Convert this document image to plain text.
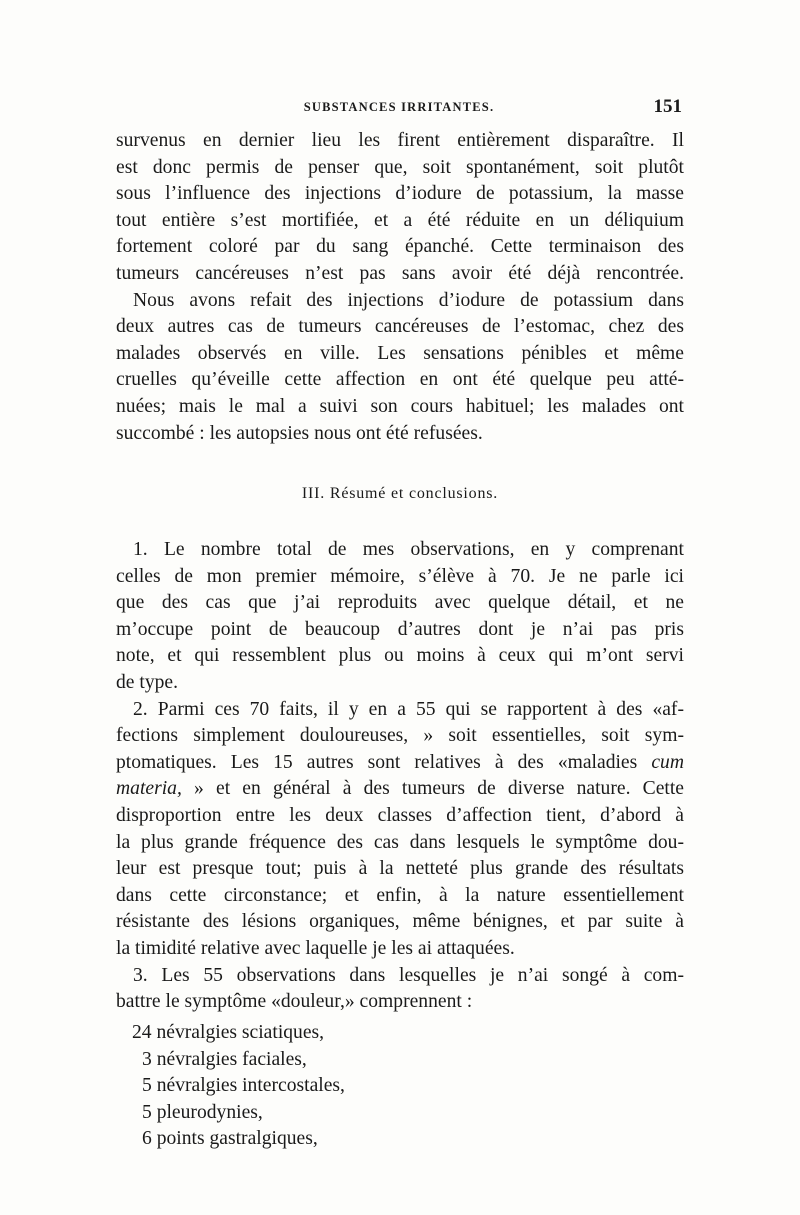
SUBSTANCES IRRITANTES.	151
survenus en dernier lieu les firent entièrement disparaître. Il
est donc permis de penser que, soit spontanément, soit plutôt
sous l’influence des injections d’iodure de potassium, la masse
tout entière s’est mortifiée, et a été réduite en un déliquium
fortement coloré par du sang épanché. Cette terminaison des
tumeurs cancéreuses n’est pas sans avoir été déjà rencontrée.
Nous avons refait des injections d’iodure de potassium dans
deux autres cas de tumeurs cancéreuses de l’estomac, chez des
malades observés en ville. Les sensations pénibles et même
cruelles qu’éveille cette affection en ont été quelque peu atté-
nuées; mais le mal a suivi son cours habituel; les malades ont
succombé : les autopsies nous ont été refusées.
III. Résumé et conclusions.
1. Le nombre total de mes observations, en y comprenant
celles de mon premier mémoire, s’élève à 70. Je ne parle ici
que des cas que j’ai reproduits avec quelque détail, et ne
m’occupe point de beaucoup d’autres dont je n’ai pas pris
note, et qui ressemblent plus ou moins à ceux qui m’ont servi
de type.
2. Parmi ces 70 faits, il y en a 55 qui se rapportent à des «af-
fections simplement douloureuses, » soit essentielles, soit sym-
ptomatiques. Les 15 autres sont relatives à des «maladies cum
materia, » et en général à des tumeurs de diverse nature. Cette
disproportion entre les deux classes d’affection tient, d’abord à
la plus grande fréquence des cas dans lesquels le symptôme dou-
leur est presque tout; puis à la netteté plus grande des résultats
dans cette circonstance; et enfin, à la nature essentiellement
résistante des lésions organiques, même bénignes, et par suite à
la timidité relative avec laquelle je les ai attaquées.
3. Les 55 observations dans lesquelles je n’ai songé à com-
battre le symptôme «douleur,» comprennent :
24 névralgies sciatiques,
3 névralgies faciales,
5 névralgies intercostales,
5 pleurodynies,
6 points gastralgiques,
